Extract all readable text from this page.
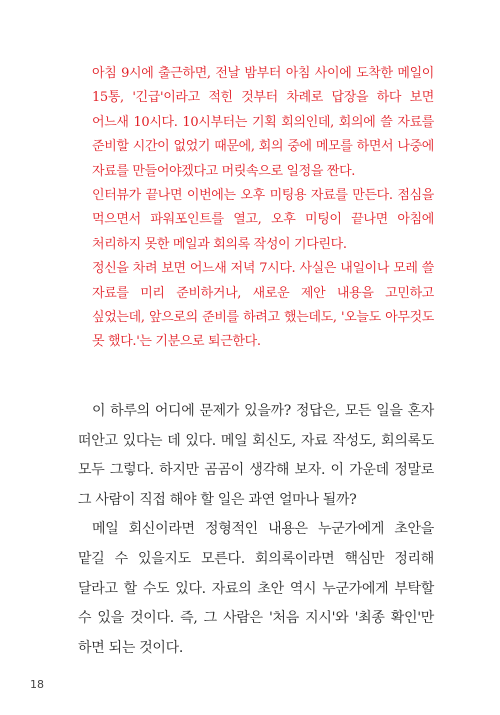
아침 9시에 출근하면, 전날 밤부터 아침 사이에 도착한 메일이 15통, '긴급'이라고 적힌 것부터 차례로 답장을 하다 보면 어느새 10시다. 10시부터는 기획 회의인데, 회의에 쓸 자료를 준비할 시간이 없었기 때문에, 회의 중에 메모를 하면서 나중에 자료를 만들어야겠다고 머릿속으로 일정을 짠다.

인터뷰가 끝나면 이번에는 오후 미팅용 자료를 만든다. 점심을 먹으면서 파워포인트를 열고, 오후 미팅이 끝나면 아침에 처리하지 못한 메일과 회의록 작성이 기다린다.

정신을 차려 보면 어느새 저녁 7시다. 사실은 내일이나 모레 쓸 자료를 미리 준비하거나, 새로운 제안 내용을 고민하고 싶었는데, 앞으로의 준비를 하려고 했는데도, '오늘도 아무것도 못 했다.'는 기분으로 퇴근한다.

이 하루의 어디에 문제가 있을까? 정답은, 모든 일을 혼자 떠안고 있다는 데 있다. 메일 회신도, 자료 작성도, 회의록도 모두 그렇다. 하지만 곰곰이 생각해 보자. 이 가운데 정말로 그 사람이 직접 해야 할 일은 과연 얼마나 될까?

메일 회신이라면 정형적인 내용은 누군가에게 초안을 맡길 수 있을지도 모른다. 회의록이라면 핵심만 정리해 달라고 할 수도 있다. 자료의 초안 역시 누군가에게 부탁할 수 있을 것이다. 즉, 그 사람은 '처음 지시'와 '최종 확인'만 하면 되는 것이다.

18
